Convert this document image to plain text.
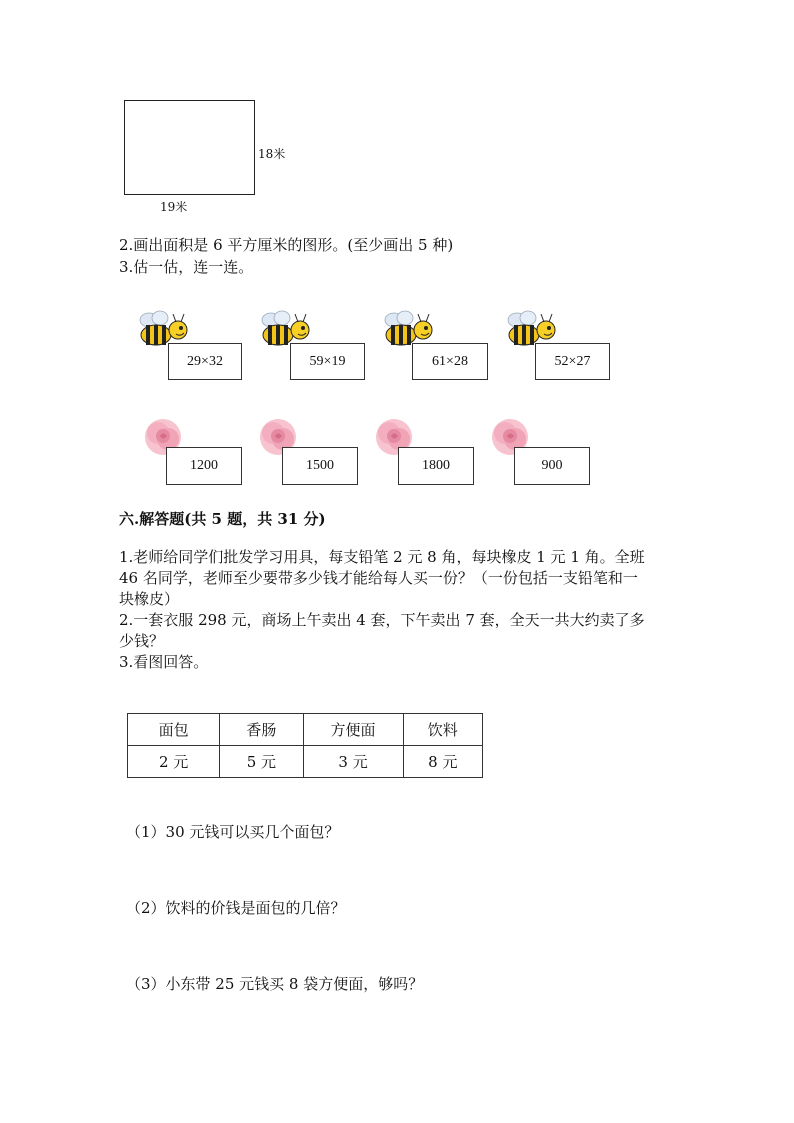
18米
19米
2.画出面积是 6 平方厘米的图形。(至少画出 5 种)
3.估一估，连一连。
29×32	59×19	61×28	52×27
1200	1500	1800	900
六.解答题(共 5 题，共 31 分)
1.老师给同学们批发学习用具，每支铅笔 2 元 8 角，每块橡皮 1 元 1 角。全班
46 名同学，老师至少要带多少钱才能给每人买一份？（一份包括一支铅笔和一
块橡皮）
2.一套衣服 298 元，商场上午卖出 4 套，下午卖出 7 套，全天一共大约卖了多
少钱？
3.看图回答。
面包	香肠	方便面	饮料
2 元	5 元	3 元	8 元
（1）30 元钱可以买几个面包？
（2）饮料的价钱是面包的几倍？
（3）小东带 25 元钱买 8 袋方便面，够吗？
